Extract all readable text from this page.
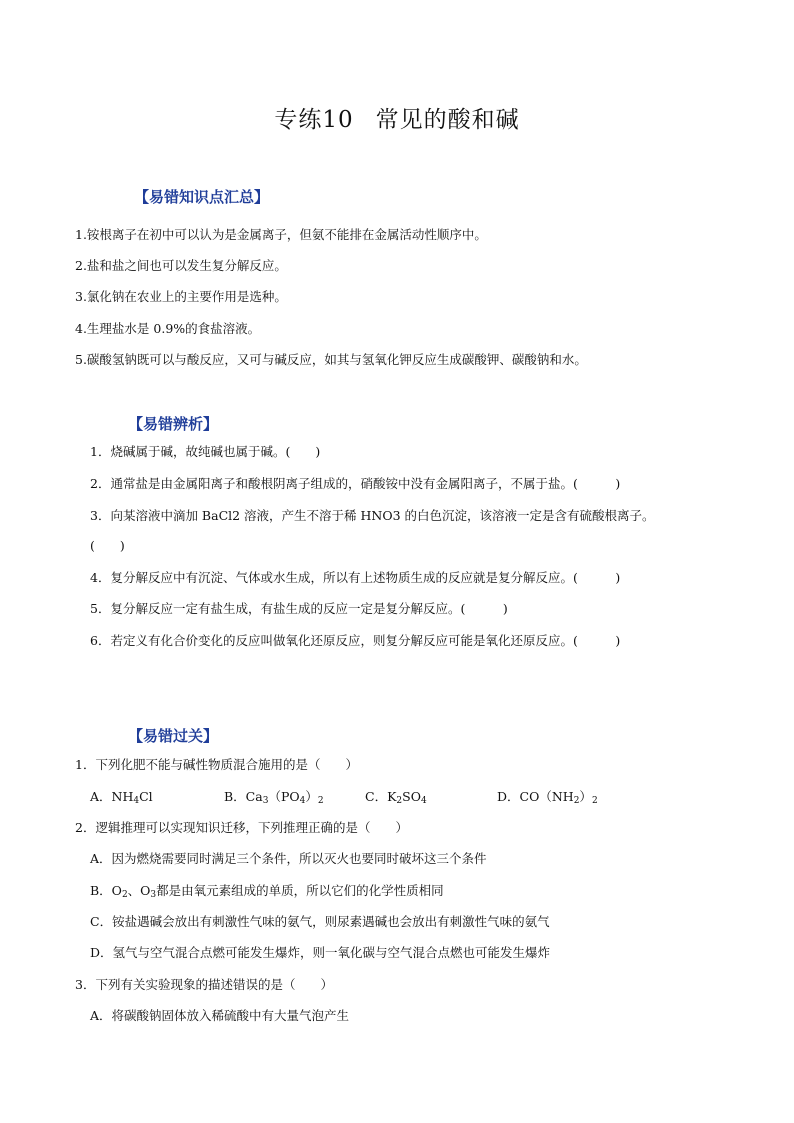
专练10 常见的酸和碱
【易错知识点汇总】
1.铵根离子在初中可以认为是金属离子，但氨不能排在金属活动性顺序中。
2.盐和盐之间也可以发生复分解反应。
3.氯化钠在农业上的主要作用是选种。
4.生理盐水是 0.9%的食盐溶液。
5.碳酸氢钠既可以与酸反应，又可与碱反应，如其与氢氧化钾反应生成碳酸钾、碳酸钠和水。
【易错辨析】
1．烧碱属于碱，故纯碱也属于碱。(　　)
2．通常盐是由金属阳离子和酸根阴离子组成的，硝酸铵中没有金属阳离子，不属于盐。(　　　)
3．向某溶液中滴加 BaCl2 溶液，产生不溶于稀 HNO3 的白色沉淀，该溶液一定是含有硫酸根离子。
(　　)
4．复分解反应中有沉淀、气体或水生成，所以有上述物质生成的反应就是复分解反应。(　　　)
5．复分解反应一定有盐生成，有盐生成的反应一定是复分解反应。(　　　)
6．若定义有化合价变化的反应叫做氧化还原反应，则复分解反应可能是氧化还原反应。(　　　)
【易错过关】
1．下列化肥不能与碱性物质混合施用的是（　　）
A．$NH_4Cl$	B．$Ca_3(PO_4)_2$	C．$K_2SO_4$	D．$CO(NH_2)_2$
2．逻辑推理可以实现知识迁移，下列推理正确的是（　　）
A．因为燃烧需要同时满足三个条件，所以灭火也要同时破坏这三个条件
B．$O_2$、$O_3$都是由氧元素组成的单质，所以它们的化学性质相同
C．铵盐遇碱会放出有刺激性气味的氨气，则尿素遇碱也会放出有刺激性气味的氨气
D．氢气与空气混合点燃可能发生爆炸，则一氧化碳与空气混合点燃也可能发生爆炸
3．下列有关实验现象的描述错误的是（　　）
A．将碳酸钠固体放入稀硫酸中有大量气泡产生
